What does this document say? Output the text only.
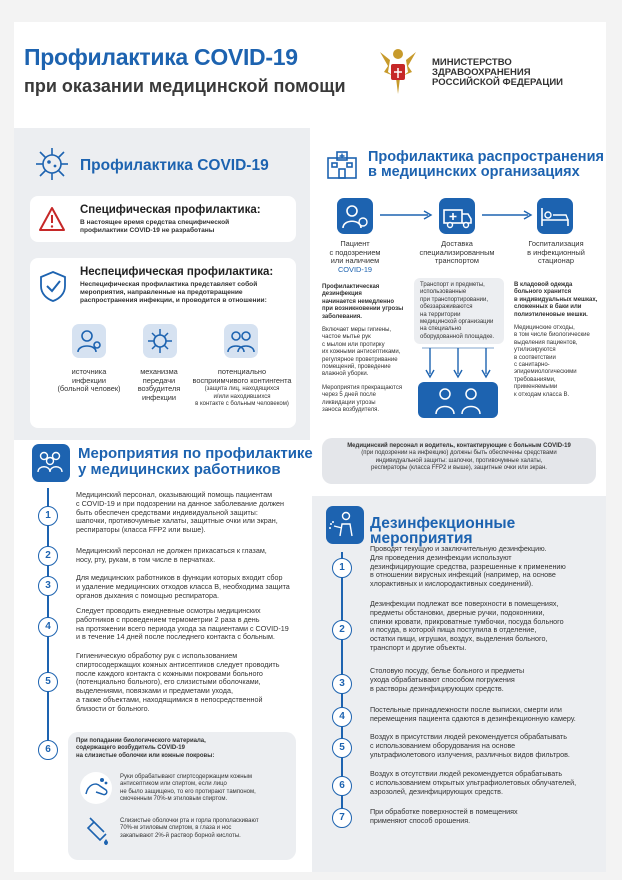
Профилактика COVID-19
при оказании медицинской помощи
МИНИСТЕРСТВО
ЗДРАВООХРАНЕНИЯ
РОССИЙСКОЙ ФЕДЕРАЦИИ
Профилактика COVID-19
Специфическая профилактика:
В настоящее время средства специфической
профилактики COVID-19 не разработаны
Неспецифическая профилактика:
Неспецифическая профилактика представляет собой
мероприятия, направленные на предотвращение
распространения инфекции, и проводится в отношении:
источника
инфекции
(больной человек)
механизма
передачи
возбудителя
инфекции
потенциально
восприимчивого контингента
(защита лиц, находящихся
и/или находившихся
в контакте с больным человеком)
Профилактика распространения
в медицинских организациях
Пациент
с подозрением
или наличием
COVID-19
Доставка
специализированным
транспортом
Госпитализация
в инфекционный
стационар
Профилактическая
дезинфекция
начинается немедленно
при возникновении угрозы
заболевания.
Включает меры гигиены,
частое мытье рук
с мылом или протирку
их кожными антисептиками,
регулярное проветривание
помещений, проведение
влажной уборки.
Мероприятия прекращаются
через 5 дней после
ликвидации угрозы
заноса возбудителя.
Транспорт и предметы,
использованные
при транспортировании,
обеззараживаются
на территории
медицинской организации
на специально
оборудованной площадке.
В кладовой одежда
больного хранится
в индивидуальных мешках,
сложенных в баки или
полиэтиленовые мешки.
Медицинские отходы,
в том числе биологические
выделения пациентов,
утилизируются
в соответствии
с санитарно-
эпидемиологическими
требованиями,
применяемыми
к отходам класса В.
Медицинский персонал и водитель, контактирующие с больным COVID-19
(при подозрении на инфекцию) должны быть обеспечены средствами
индивидуальной защиты: шапочки, противочумные халаты,
респираторы (класса FFP2 и выше), защитные очки или экран.
Мероприятия по профилактике
у медицинских работников
1
Медицинский персонал, оказывающий помощь пациентам
с COVID-19 и при подозрении на данное заболевание должен
быть обеспечен средствами индивидуальной защиты:
шапочки, противочумные халаты, защитные очки или экран,
респираторы (класса FFP2 или выше).
2	Медицинский персонал не должен прикасаться к глазам,
носу, рту, рукам, в том числе в перчатках.
3
Для медицинских работников в функции которых входит сбор
и удаление медицинских отходов класса В, необходима защита
органов дыхания с помощью респиратора.
4
Следует проводить ежедневные осмотры медицинских
работников с проведением термометрии 2 раза в день
на протяжении всего периода ухода за пациентами с COVID-19
и в течение 14 дней после последнего контакта с больным.
5
Гигиеническую обработку рук с использованием
спиртосодержащих кожных антисептиков следует проводить
после каждого контакта с кожными покровами больного
(потенциально больного), его слизистыми оболочками,
выделениями, повязками и предметами ухода,
а также объектами, находящимися в непосредственной
близости от больного.
6
При попадании биологического материала,
содержащего возбудитель COVID-19
на слизистые оболочки или кожные покровы:
Руки обрабатывают спиртсодержащим кожным
антисептиком или спиртом, если лицо
не было защищено, то его протирают тампоном,
смоченным 70%-м этиловым спиртом.
Слизистые оболочки рта и горла прополаскивают
70%-м этиловым спиртом, в глаза и нос
закапывают 2%-й раствор борной кислоты.
Дезинфекционные мероприятия
1
Проводят текущую и заключительную дезинфекцию.
Для проведения дезинфекции используют
дезинфицирующие средства, разрешенные к применению
в отношении вирусных инфекций (например, на основе
хлорактивных и кислородактивных соединений).
2
Дезинфекции подлежат все поверхности в помещениях,
предметы обстановки, дверные ручки, подоконники,
спинки кровати, прикроватные тумбочки, посуда больного
и посуда, в которой пища поступила в отделение,
остатки пищи, игрушки, воздух, выделения больного,
транспорт и другие объекты.
3
Столовую посуду, белье больного и предметы
ухода обрабатывают способом погружения
в растворы дезинфицирующих средств.
4
Постельные принадлежности после выписки, смерти или
перемещения пациента сдаются в дезинфекционную камеру.
5
Воздух в присутствии людей рекомендуется обрабатывать
с использованием оборудования на основе
ультрафиолетового излучения, различных видов фильтров.
6
Воздух в отсутствии людей рекомендуется обрабатывать
с использованием открытых ультрафиолетовых облучателей,
аэрозолей, дезинфицирующих средств.
7
При обработке поверхностей в помещениях
применяют способ орошения.
